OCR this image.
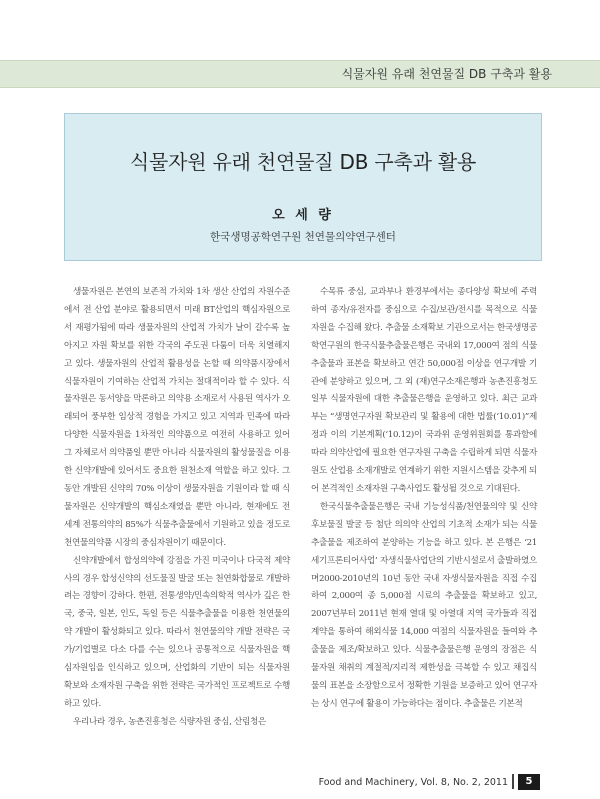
식물자원 유래 천연물질 DB 구축과 활용
식물자원 유래 천연물질 DB 구축과 활용
오 세 량
한국생명공학연구원 천연물의약연구센터

생물자원은 본연의 보존적 가치와 1차 생산 산업의 자원수준에서 전 산업 분야로 활용되면서 미래 BT산업의 핵심자원으로서 재평가됨에 따라 생물자원의 산업적 가치가 날이 갈수록 높아지고 자원 확보를 위한 각국의 주도권 다툼이 더욱 치열해지고 있다. 생물자원의 산업적 활용성을 논할 때 의약품시장에서 식물자원이 기여하는 산업적 가치는 절대적이라 할 수 있다. 식물자원은 동서양을 막론하고 의약용 소재로서 사용된 역사가 오래되어 풍부한 임상적 경험을 가지고 있고 지역과 민족에 따라 다양한 식물자원을 1차적인 의약품으로 여전히 사용하고 있어 그 자체로서 의약품일 뿐만 아니라 식물자원의 활성물질을 이용한 신약개발에 있어서도 중요한 원천소재 역할을 하고 있다. 그동안 개발된 신약의 70% 이상이 생물자원을 기원이라 할 때 식물자원은 신약개발의 핵심소재였을 뿐만 아니라, 현재에도 전 세계 전통의약의 85%가 식물추출물에서 기원하고 있을 정도로 천연물의약품 시장의 중심자원이기 때문이다.

신약개발에서 합성의약에 강점을 가진 미국이나 다국적 제약사의 경우 합성신약의 선도물질 발굴 또는 천연화합물로 개발하려는 경향이 강하다. 한편, 전통생약/민속의학적 역사가 깊은 한국, 중국, 일본, 인도, 독일 등은 식물추출물을 이용한 천연물의약 개발이 활성화되고 있다. 따라서 천연물의약 개발 전략은 국가/기업별로 다소 다를 수는 있으나 공통적으로 식물자원을 핵심자원임을 인식하고 있으며, 산업화의 기반이 되는 식물자원 확보와 소재자원 구축을 위한 전략은 국가적인 프로젝트로 수행하고 있다.

우리나라 경우, 농촌진흥청은 식량자원 중심, 산림청은

수목류 중심, 교과부나 환경부에서는 종다양성 확보에 주력하여 종자/유전자를 중심으로 수집/보관/전시를 목적으로 식물자원을 수집해 왔다. 추출물 소재확보 기관으로서는 한국생명공학연구원의 한국식물추출물은행은 국내외 17,000여 점의 식물추출물과 표본을 확보하고 연간 50,000점 이상을 연구개발 기관에 분양하고 있으며, 그 외 (재)연구소재은행과 농촌진흥청도 일부 식물자원에 대한 추출물은행을 운영하고 있다. 최근 교과부는 “생명연구자원 확보관리 및 활용에 대한 법률(‘10.01)”제정과 이의 기본계획(‘10.12)이 국과위 운영위원회를 통과함에 따라 의약산업에 필요한 연구자원 구축을 수립하게 되면 식물자원도 산업용 소재개발로 연계하기 위한 지원시스템을 갖추게 되어 본격적인 소재자원 구축사업도 활성될 것으로 기대된다.

한국식물추출물은행은 국내 기능성식품/천연물의약 및 신약후보물질 발굴 등 첨단 의의약 산업의 기초적 소재가 되는 식물추출물을 제조하여 분양하는 기능을 하고 있다. 본 은행은 ‘21세기프론티어사업’ 자생식물사업단의 기반시설로서 출발하였으며2000-2010년의 10년 동안 국내 자생식물자원을 직접 수집하여 2,000여 종 5,000점 시료의 추출물을 확보하고 있고, 2007년부터 2011년 현재 열대 및 아열대 지역 국가들과 직접 계약을 통하여 해외식물 14,000 여점의 식물자원을 들여와 추출물을 제조/확보하고 있다. 식물추출물은행 운영의 장점은 식물자원 채취의 계절적/지리적 제한성을 극복할 수 있고 채집식물의 표본을 소장함으로서 정확한 기원을 보증하고 있어 연구자는 상시 연구에 활용이 가능하다는 점이다. 추출물은 기본적

Food and Machinery, Vol. 8, No. 2, 2011	5
